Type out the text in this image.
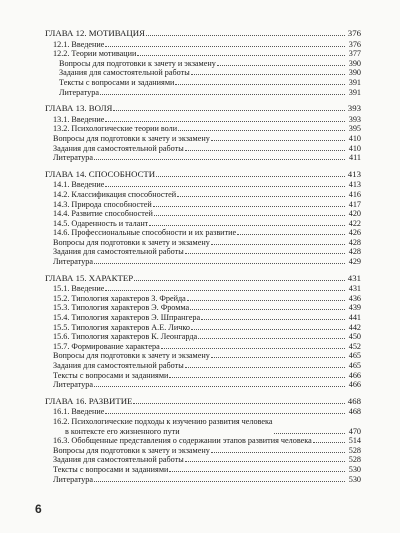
ГЛАВА 12. МОТИВАЦИЯ	376
12.1. Введение	376
12.2. Теории мотивации	377
Вопросы для подготовки к зачету и экзамену	390
Задания для самостоятельной работы	390
Тексты с вопросами и заданиями	391
Литература	391
ГЛАВА 13. ВОЛЯ	393
13.1. Введение	393
13.2. Психологические теории воли	395
Вопросы для подготовки к зачету и экзамену	410
Задания для самостоятельной работы	410
Литература	411
ГЛАВА 14. СПОСОБНОСТИ	413
14.1. Введение	413
14.2. Классификация способностей	416
14.3. Природа способностей	417
14.4. Развитие способностей	420
14.5. Одаренность и талант	422
14.6. Профессиональные способности и их развитие	426
Вопросы для подготовки к зачету и экзамену	428
Задания для самостоятельной работы	428
Литература	429
ГЛАВА 15. ХАРАКТЕР	431
15.1. Введение	431
15.2. Типология характеров З. Фрейда	436
15.3. Типология характеров Э. Фромма	439
15.4. Типология характеров Э. Шпрангера	441
15.5. Типология характеров А.Е. Личко	442
15.6. Типология характеров К. Леонгарда	450
15.7. Формирование характера	452
Вопросы для подготовки к зачету и экзамену	465
Задания для самостоятельной работы	465
Тексты с вопросами и заданиями	466
Литература	466
ГЛАВА 16. РАЗВИТИЕ	468
16.1. Введение	468
16.2. Психологические подходы к изучению развития человека
в контексте его жизненного пути	470
16.3. Обобщенные представления о содержании этапов развития человека	514
Вопросы для подготовки к зачету и экзамену	528
Задания для самостоятельной работы	528
Тексты с вопросами и заданиями	530
Литература	530
6
